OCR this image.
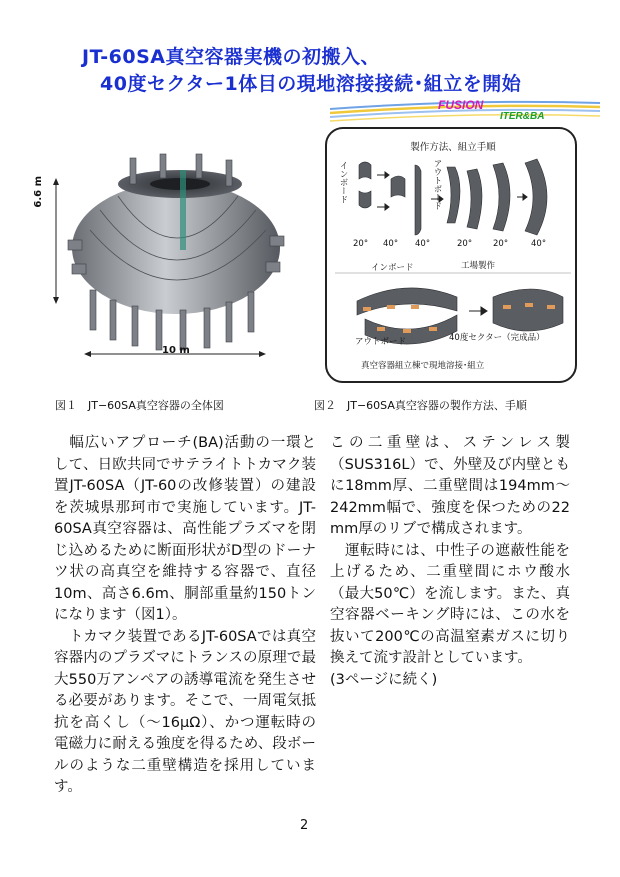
JT-60SA真空容器実機の初搬入、
40度セクター1体目の現地溶接接続･組立を開始
FUSION
ITER&BA
6.6 m
10 m
製作方法、組立手順
インボード	アウトボード
20° 40° 40°	20° 20°	40°
インボード	工場製作
アウトボード	40度セクター（完成品）
真空容器組立棟で現地溶接･組立
図１　JT−60SA真空容器の全体図	図２　JT−60SA真空容器の製作方法、手順

　幅広いアプローチ(BA)活動の一環として、日欧共同でサテライトトカマク装置JT-60SA（JT-60の改修装置）の建設を茨城県那珂市で実施しています。JT-60SA真空容器は、高性能プラズマを閉じ込めるために断面形状がD型のドーナツ状の高真空を維持する容器で、直径10m、高さ6.6m、胴部重量約150トンになります（図1）。

　トカマク装置であるJT-60SAでは真空容器内のプラズマにトランスの原理で最大550万アンペアの誘導電流を発生させる必要があります。そこで、一周電気抵抗を高くし（〜16μΩ）、かつ運転時の電磁力に耐える強度を得るため、段ボールのような二重壁構造を採用しています。

この二重壁は、ステンレス製（SUS316L）で、外壁及び内壁ともに18mm厚、二重壁間は194mm〜242mm幅で、強度を保つための22 mm厚のリブで構成されます。

　運転時には、中性子の遮蔽性能を上げるため、二重壁間にホウ酸水（最大50℃）を流します。また、真空容器ベーキング時には、この水を抜いて200℃の高温窒素ガスに切り換えて流す設計としています。

(3ページに続く)

2
